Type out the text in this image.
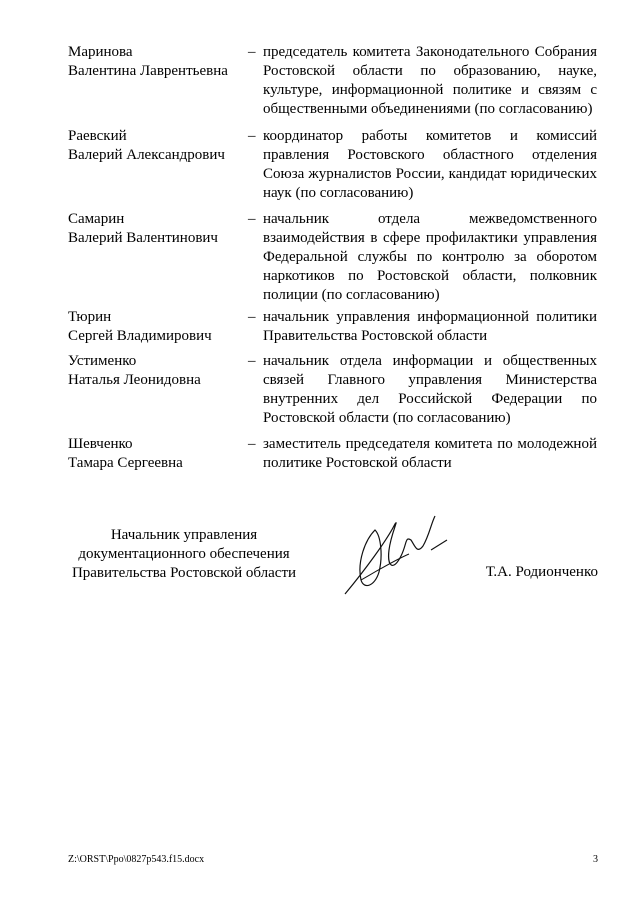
Маринова
Валентина Лаврентьевна
– председатель комитета Законодательного Собрания Ростовской области по образованию, науке, культуре, информационной политике и связям с общественными объединениями (по согласованию)
Раевский
Валерий Александрович
– координатор работы комитетов и комиссий правления Ростовского областного отделения Союза журналистов России, кандидат юридических наук (по согласованию)
Самарин
Валерий Валентинович
– начальник отдела межведомственного взаимодействия в сфере профилактики управления Федеральной службы по контролю за оборотом наркотиков по Ростовской области, полковник полиции (по согласованию)
Тюрин
Сергей Владимирович
– начальник управления информационной политики Правительства Ростовской области
Устименко
Наталья Леонидовна
– начальник отдела информации и общественных связей Главного управления Министерства внутренних дел Российской Федерации по Ростовской области (по согласованию)
Шевченко
Тамара Сергеевна
– заместитель председателя комитета по молодежной политике Ростовской области
Начальник управления
документационного обеспечения
Правительства Ростовской области	Т.А. Родионченко
Z:\ORST\Ppo\0827p543.f15.docx	3
